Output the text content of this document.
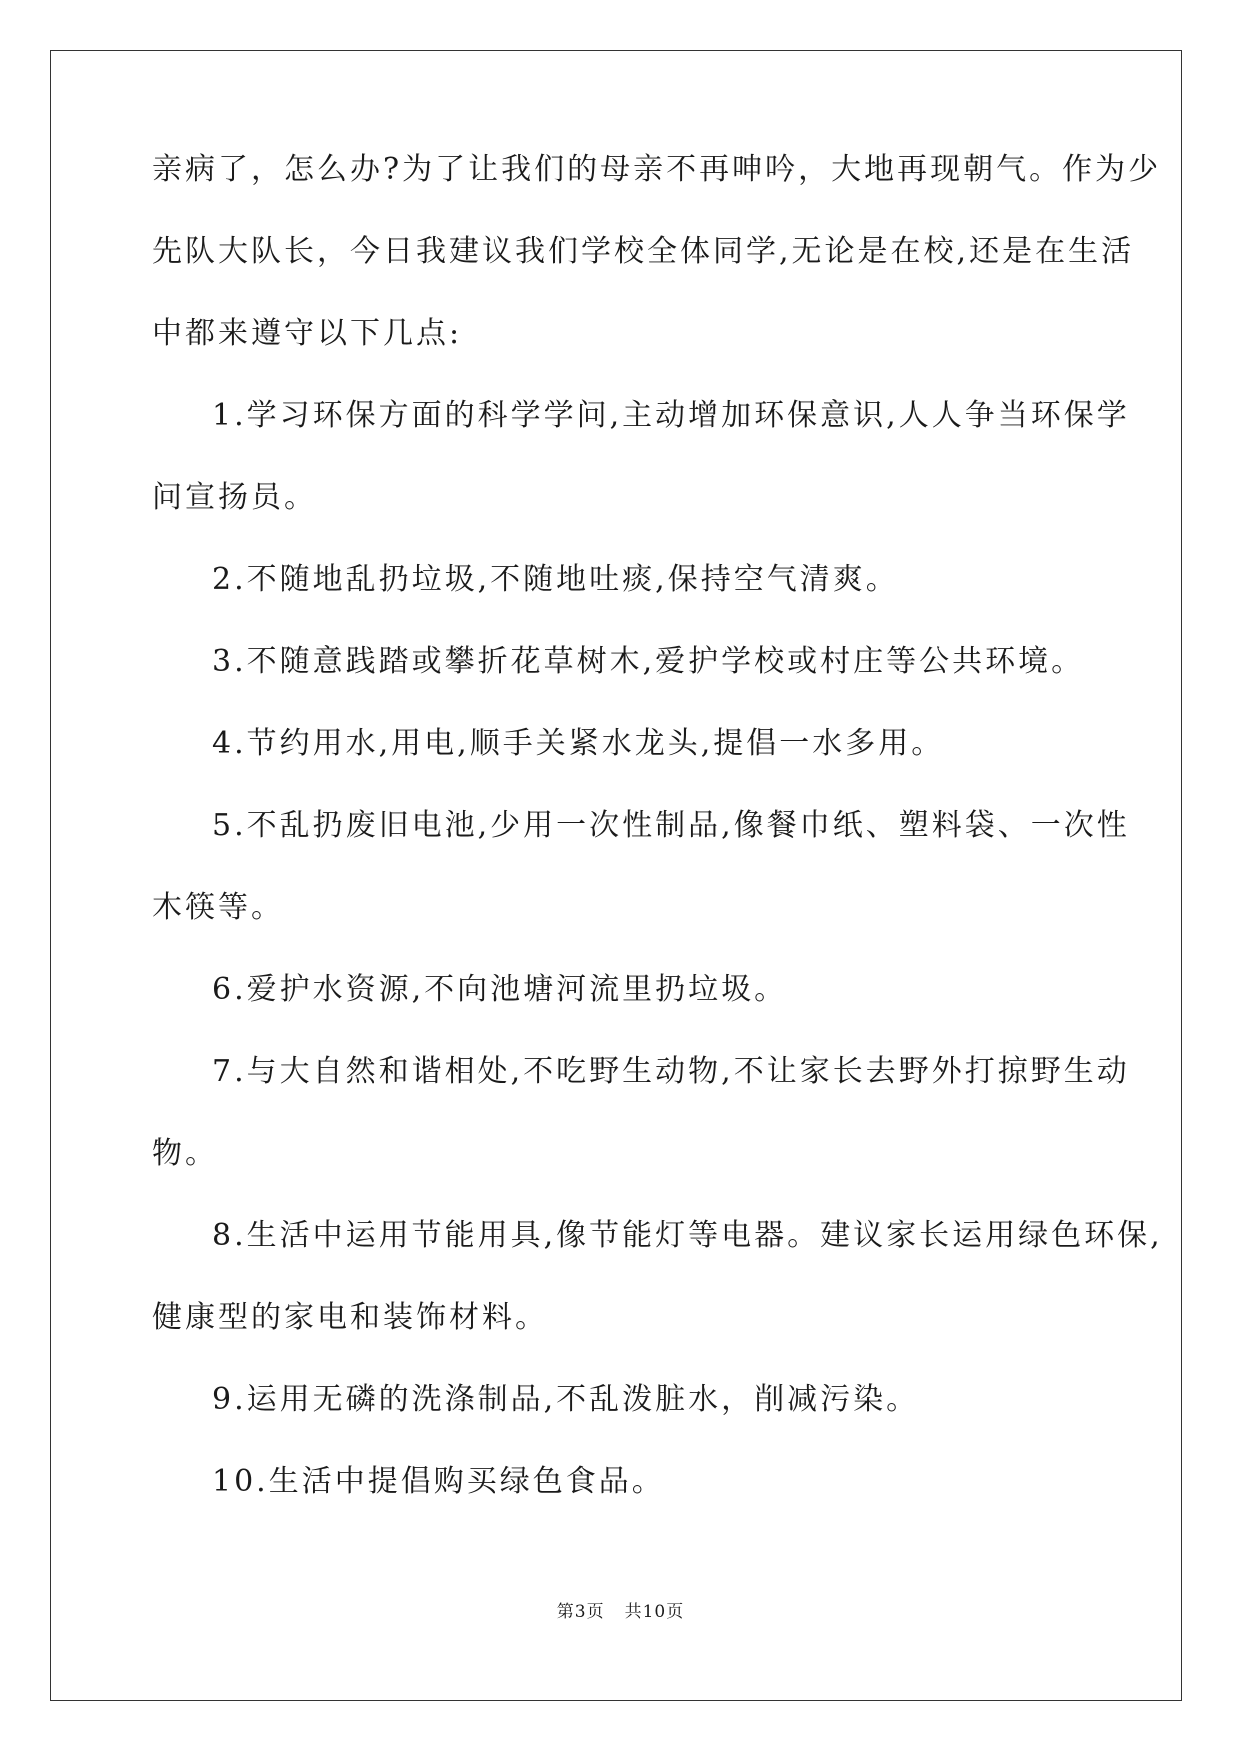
亲病了，怎么办?为了让我们的母亲不再呻吟，大地再现朝气。作为少
先队大队长，今日我建议我们学校全体同学,无论是在校,还是在生活
中都来遵守以下几点:
1.学习环保方面的科学学问,主动增加环保意识,人人争当环保学
问宣扬员。
2.不随地乱扔垃圾,不随地吐痰,保持空气清爽。
3.不随意践踏或攀折花草树木,爱护学校或村庄等公共环境。
4.节约用水,用电,顺手关紧水龙头,提倡一水多用。
5.不乱扔废旧电池,少用一次性制品,像餐巾纸、塑料袋、一次性
木筷等。
6.爱护水资源,不向池塘河流里扔垃圾。
7.与大自然和谐相处,不吃野生动物,不让家长去野外打掠野生动
物。
8.生活中运用节能用具,像节能灯等电器。建议家长运用绿色环保,
健康型的家电和装饰材料。
9.运用无磷的洗涤制品,不乱泼脏水，削减污染。
10.生活中提倡购买绿色食品。
第3页 共10页
